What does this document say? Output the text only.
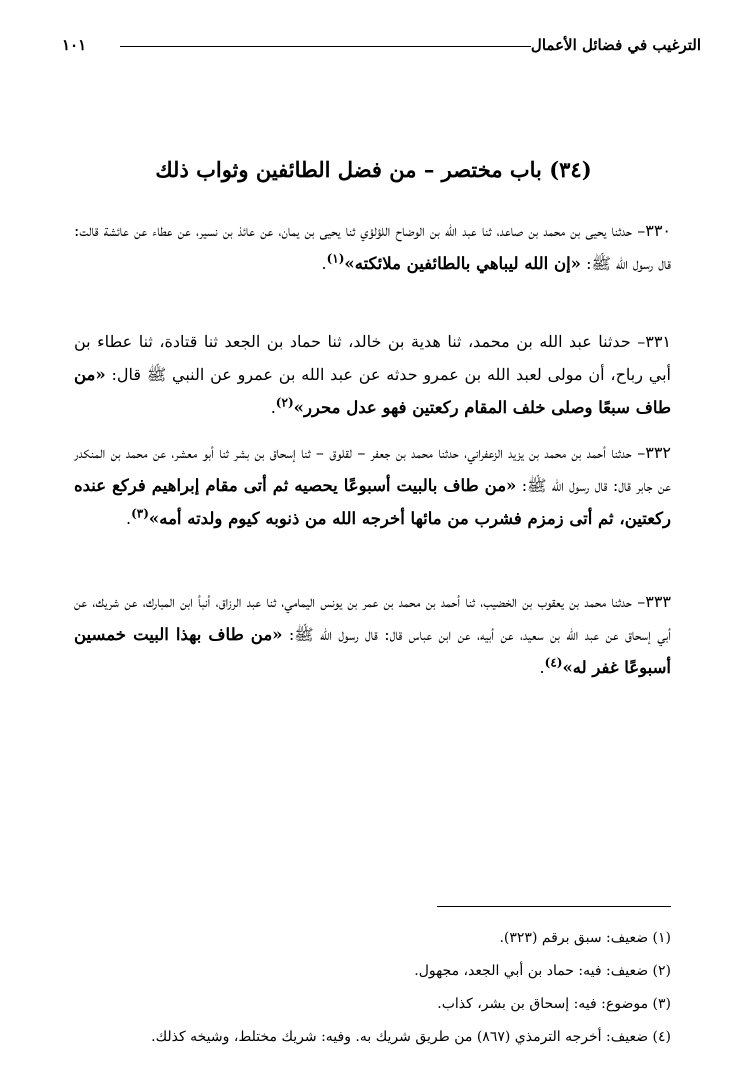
الترغيب في فضائل الأعمال
١٠١
(٣٤) باب مختصر – من فضل الطائفين وثواب ذلك

٣٣٠– حدثنا يحيى بن محمد بن صاعد، ثنا عبد الله بن الوضاح اللؤلؤي ثنا يحيى بن يمان، عن عائذ بن نسير، عن عطاء عن عائشة قالت: قال رسول الله ﷺ: «إن الله ليباهي بالطائفين ملائكته»$^{(١)}$.

٣٣١– حدثنا عبد الله بن محمد، ثنا هدية بن خالد، ثنا حماد بن الجعد ثنا قتادة، ثنا عطاء بن أبي رباح، أن مولى لعبد الله بن عمرو حدثه عن عبد الله بن عمرو عن النبي ﷺ قال: «من طاف سبعًا وصلى خلف المقام ركعتين فهو عدل محرر»$^{(٢)}$.

٣٣٢– حدثنا أحمد بن محمد بن يزيد الزعفراني، حدثنا محمد بن جعفر – لقلوق – ثنا إسحاق بن بشر ثنا أبو معشر، عن محمد بن المنكدر عن جابر قال: قال رسول الله ﷺ: «من طاف بالبيت أسبوعًا يحصيه ثم أتى مقام إبراهيم فركع عنده ركعتين، ثم أتى زمزم فشرب من مائها أخرجه الله من ذنوبه كيوم ولدته أمه»$^{(٣)}$.

٣٣٣– حدثنا محمد بن يعقوب بن الخضيب، ثنا أحمد بن محمد بن عمر بن يونس اليمامي، ثنا عبد الرزاق، أنبأ ابن المبارك، عن شريك، عن أبي إسحاق عن عبد الله بن سعيد، عن أبيه، عن ابن عباس قال: قال رسول الله ﷺ: «من طاف بهذا البيت خمسين أسبوعًا غفر له»$^{(٤)}$.

(١) ضعيف: سبق برقم (٣٢٣).
(٢) ضعيف: فيه: حماد بن أبي الجعد، مجهول.
(٣) موضوع: فيه: إسحاق بن بشر، كذاب.
(٤) ضعيف: أخرجه الترمذي (٨٦٧) من طريق شريك به. وفيه: شريك مختلط، وشيخه كذلك.
